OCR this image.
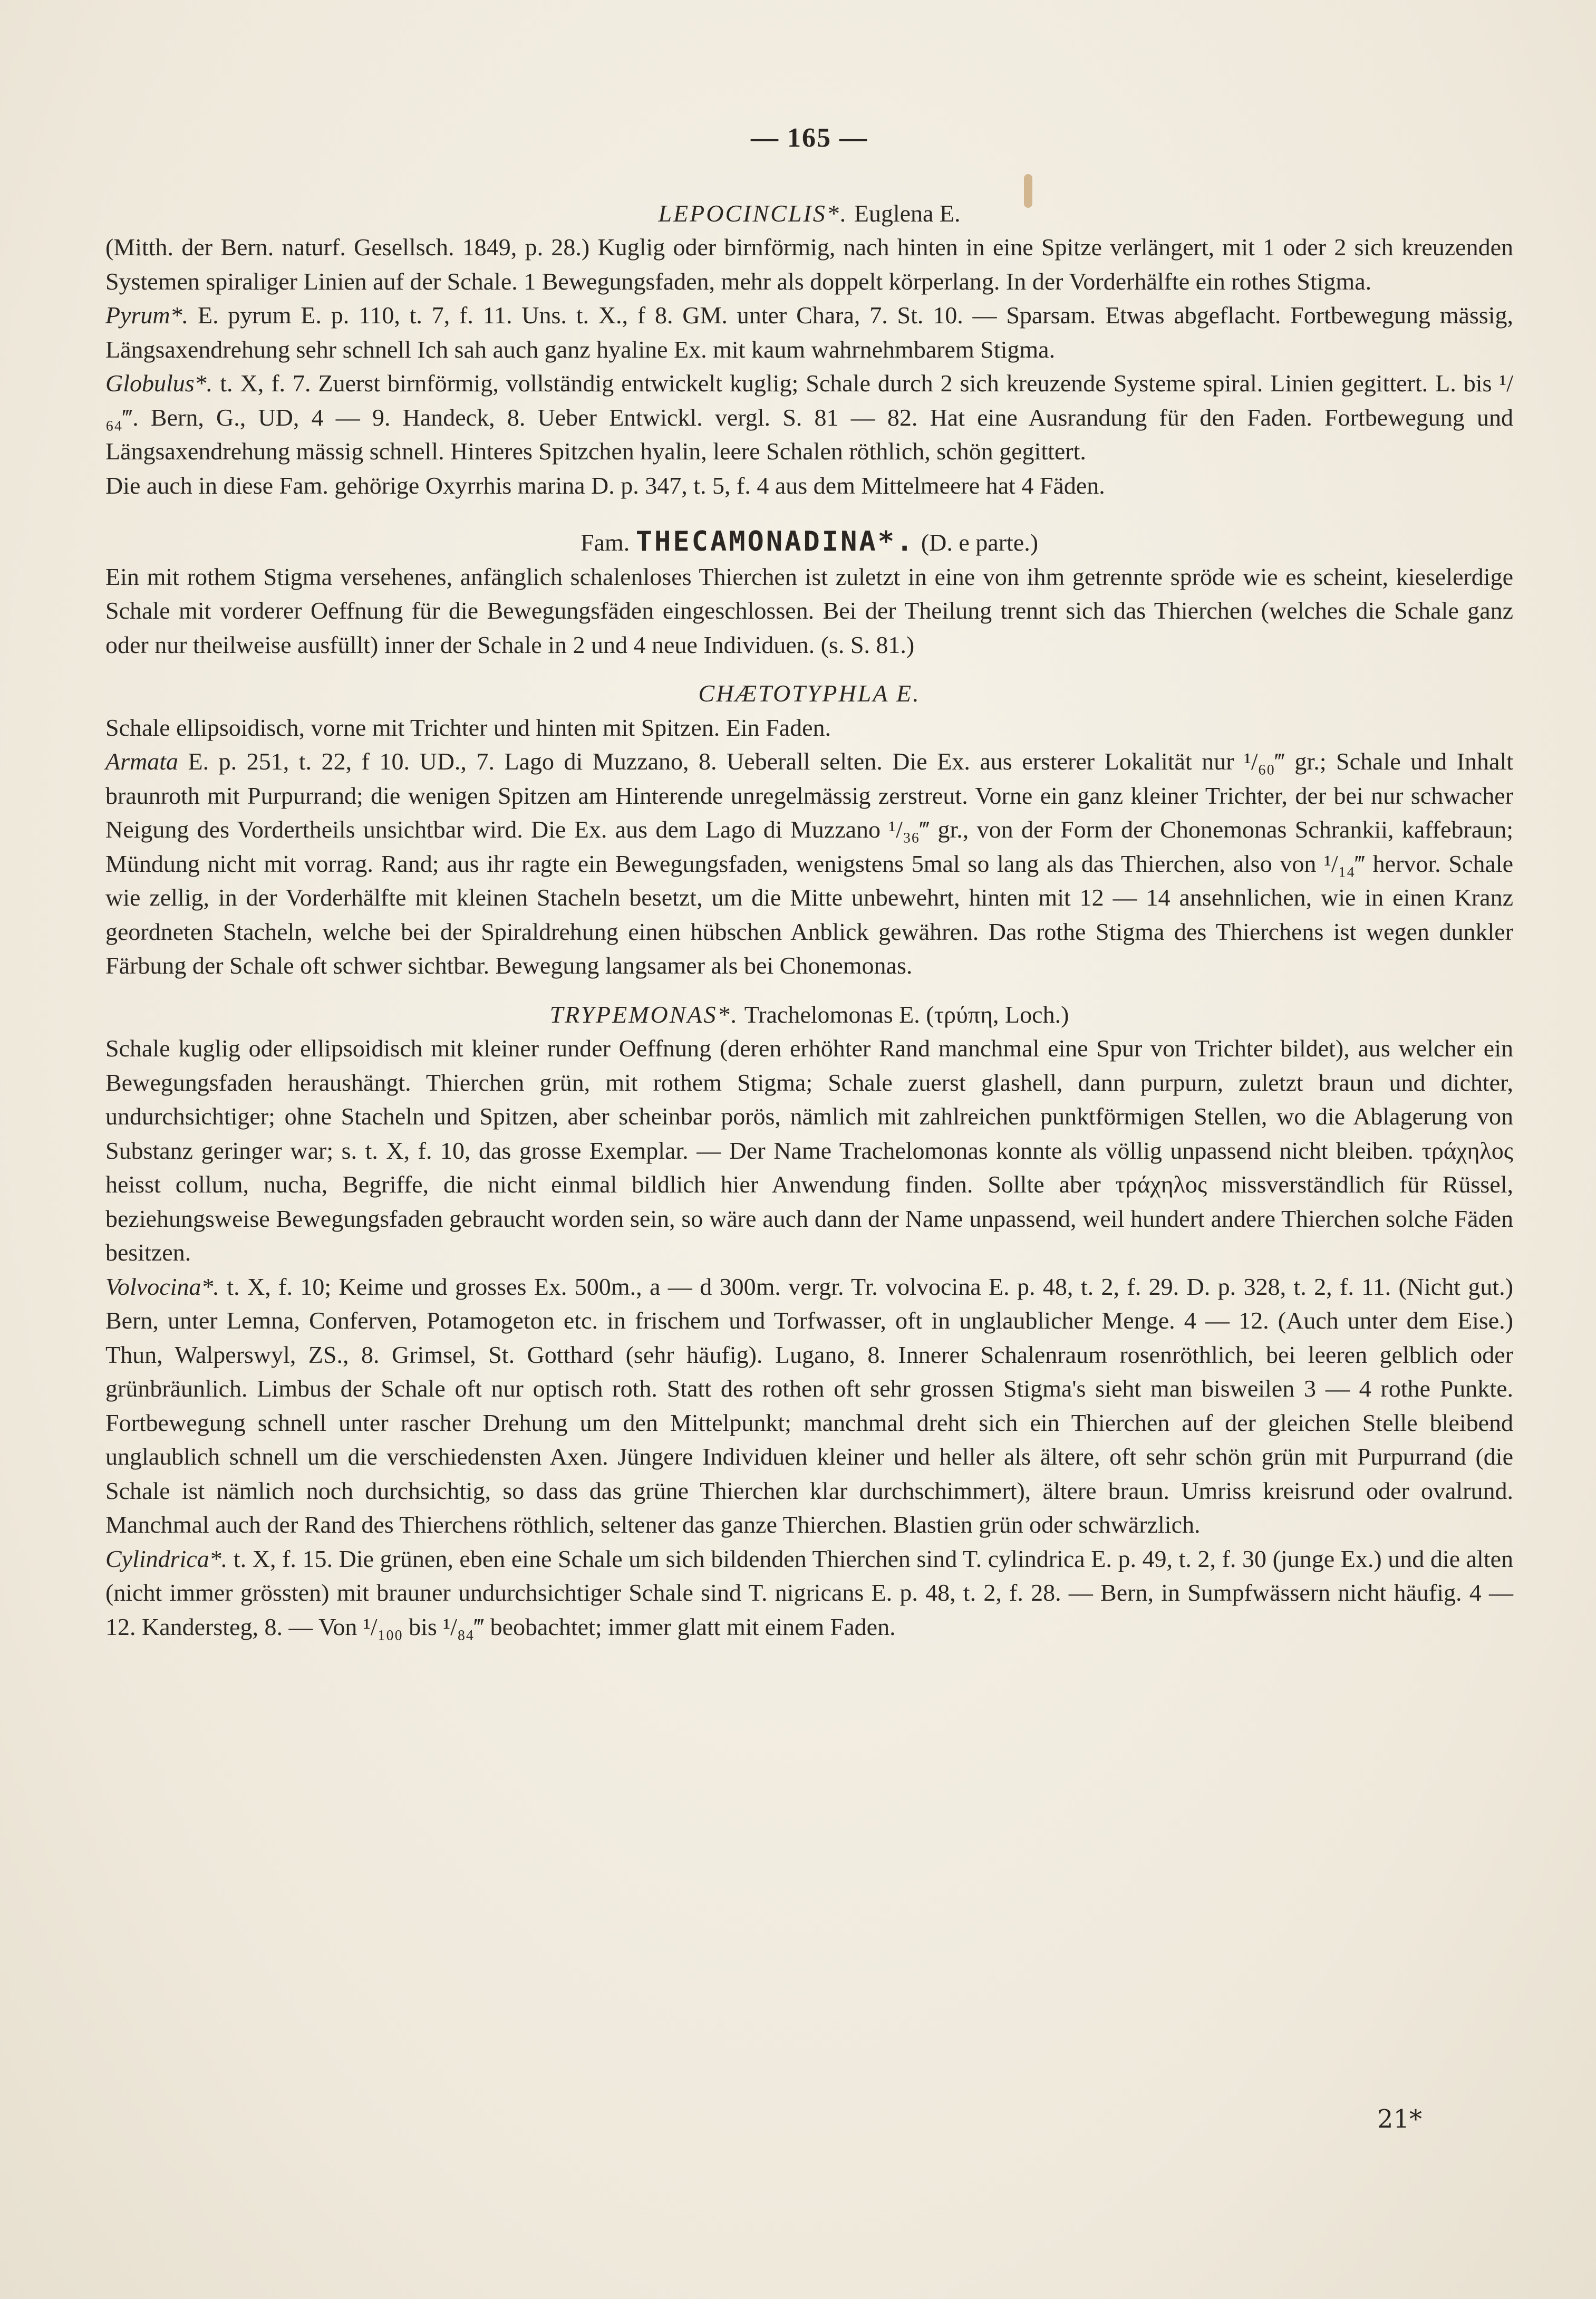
— 165 —
LEPOCINCLIS*. Euglena E.

(Mitth. der Bern. naturf. Gesellsch. 1849, p. 28.) Kuglig oder birnförmig, nach hinten in eine Spitze verlängert, mit 1 oder 2 sich kreuzenden Systemen spiraliger Linien auf der Schale. 1 Bewegungsfaden, mehr als doppelt körperlang. In der Vorderhälfte ein rothes Stigma.

Pyrum*. E. pyrum E. p. 110, t. 7, f. 11. Uns. t. X., f 8. GM. unter Chara, 7. St. 10. — Sparsam. Etwas abgeflacht. Fortbewegung mässig, Längsaxendrehung sehr schnell Ich sah auch ganz hyaline Ex. mit kaum wahrnehmbarem Stigma.

Globulus*. t. X, f. 7. Zuerst birnförmig, vollständig entwickelt kuglig; Schale durch 2 sich kreuzende Systeme spiral. Linien gegittert. L. bis ¹/₆₄‴. Bern, G., UD, 4 — 9. Handeck, 8. Ueber Entwickl. vergl. S. 81 — 82. Hat eine Ausrandung für den Faden. Fortbewegung und Längsaxendrehung mässig schnell. Hinteres Spitzchen hyalin, leere Schalen röthlich, schön gegittert.

Die auch in diese Fam. gehörige Oxyrrhis marina D. p. 347, t. 5, f. 4 aus dem Mittelmeere hat 4 Fäden.

Fam. THECAMONADINA*. (D. e parte.)

Ein mit rothem Stigma versehenes, anfänglich schalenloses Thierchen ist zuletzt in eine von ihm getrennte spröde wie es scheint, kieselerdige Schale mit vorderer Oeffnung für die Bewegungsfäden eingeschlossen. Bei der Theilung trennt sich das Thierchen (welches die Schale ganz oder nur theilweise ausfüllt) inner der Schale in 2 und 4 neue Individuen. (s. S. 81.)

CHÆTOTYPHLA E.

Schale ellipsoidisch, vorne mit Trichter und hinten mit Spitzen. Ein Faden.

Armata E. p. 251, t. 22, f 10. UD., 7. Lago di Muzzano, 8. Ueberall selten. Die Ex. aus ersterer Lokalität nur ¹/₆₀‴ gr.; Schale und Inhalt braunroth mit Purpurrand; die wenigen Spitzen am Hinterende unregelmässig zerstreut. Vorne ein ganz kleiner Trichter, der bei nur schwacher Neigung des Vordertheils unsichtbar wird. Die Ex. aus dem Lago di Muzzano ¹/₃₆‴ gr., von der Form der Chonemonas Schrankii, kaffebraun; Mündung nicht mit vorrag. Rand; aus ihr ragte ein Bewegungsfaden, wenigstens 5mal so lang als das Thierchen, also von ¹/₁₄‴ hervor. Schale wie zellig, in der Vorderhälfte mit kleinen Stacheln besetzt, um die Mitte unbewehrt, hinten mit 12 — 14 ansehnlichen, wie in einen Kranz geordneten Stacheln, welche bei der Spiraldrehung einen hübschen Anblick gewähren. Das rothe Stigma des Thierchens ist wegen dunkler Färbung der Schale oft schwer sichtbar. Bewegung langsamer als bei Chonemonas.

TRYPEMONAS*. Trachelomonas E. (τρύπη, Loch.)

Schale kuglig oder ellipsoidisch mit kleiner runder Oeffnung (deren erhöhter Rand manchmal eine Spur von Trichter bildet), aus welcher ein Bewegungsfaden heraushängt. Thierchen grün, mit rothem Stigma; Schale zuerst glashell, dann purpurn, zuletzt braun und dichter, undurchsichtiger; ohne Stacheln und Spitzen, aber scheinbar porös, nämlich mit zahlreichen punktförmigen Stellen, wo die Ablagerung von Substanz geringer war; s. t. X, f. 10, das grosse Exemplar. — Der Name Trachelomonas konnte als völlig unpassend nicht bleiben. τράχηλος heisst collum, nucha, Begriffe, die nicht einmal bildlich hier Anwendung finden. Sollte aber τράχηλος missverständlich für Rüssel, beziehungsweise Bewegungsfaden gebraucht worden sein, so wäre auch dann der Name unpassend, weil hundert andere Thierchen solche Fäden besitzen.

Volvocina*. t. X, f. 10; Keime und grosses Ex. 500m., a — d 300m. vergr. Tr. volvocina E. p. 48, t. 2, f. 29. D. p. 328, t. 2, f. 11. (Nicht gut.) Bern, unter Lemna, Conferven, Potamogeton etc. in frischem und Torfwasser, oft in unglaublicher Menge. 4 — 12. (Auch unter dem Eise.) Thun, Walperswyl, ZS., 8. Grimsel, St. Gotthard (sehr häufig). Lugano, 8. Innerer Schalenraum rosenröthlich, bei leeren gelblich oder grünbräunlich. Limbus der Schale oft nur optisch roth. Statt des rothen oft sehr grossen Stigma's sieht man bisweilen 3 — 4 rothe Punkte. Fortbewegung schnell unter rascher Drehung um den Mittelpunkt; manchmal dreht sich ein Thierchen auf der gleichen Stelle bleibend unglaublich schnell um die verschiedensten Axen. Jüngere Individuen kleiner und heller als ältere, oft sehr schön grün mit Purpurrand (die Schale ist nämlich noch durchsichtig, so dass das grüne Thierchen klar durchschimmert), ältere braun. Umriss kreisrund oder ovalrund. Manchmal auch der Rand des Thierchens röthlich, seltener das ganze Thierchen. Blastien grün oder schwärzlich.

Cylindrica*. t. X, f. 15. Die grünen, eben eine Schale um sich bildenden Thierchen sind T. cylindrica E. p. 49, t. 2, f. 30 (junge Ex.) und die alten (nicht immer grössten) mit brauner undurchsichtiger Schale sind T. nigricans E. p. 48, t. 2, f. 28. — Bern, in Sumpfwässern nicht häufig. 4 — 12. Kandersteg, 8. — Von ¹/₁₀₀ bis ¹/₈₄‴ beobachtet; immer glatt mit einem Faden.

21*
